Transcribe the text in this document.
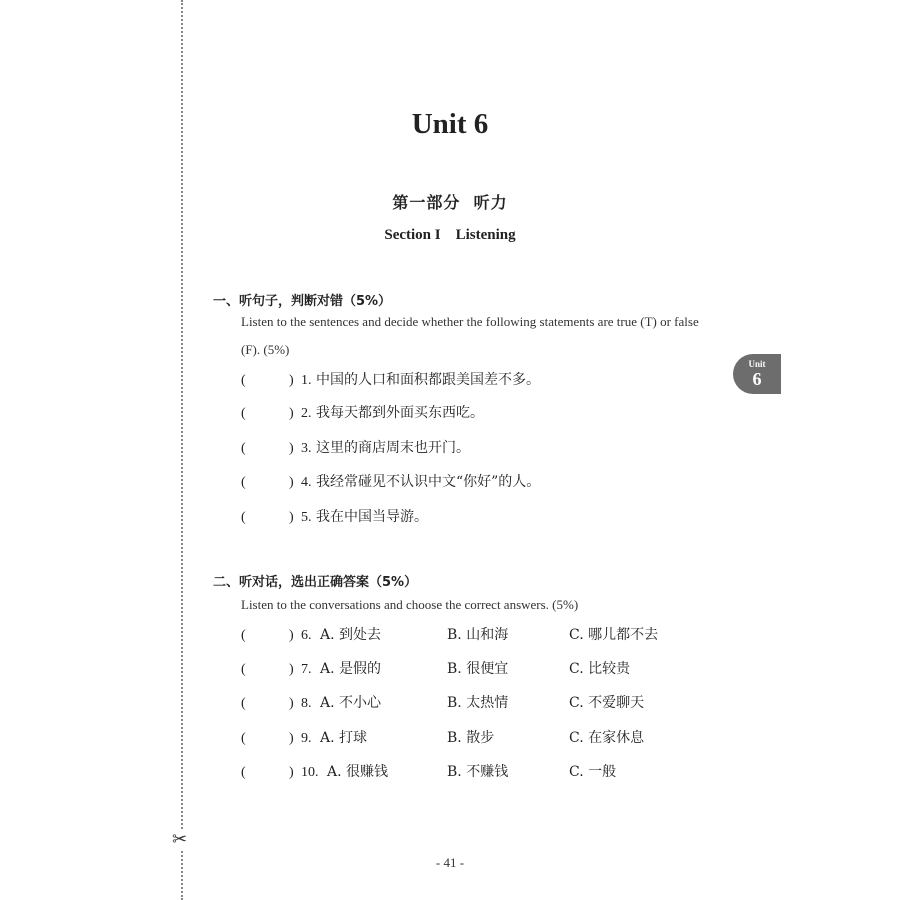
✂
Unit 6
第一部分  听力
Section I    Listening
Unit
6
一、听句子，判断对错（5%）
Listen to the sentences and decide whether the following statements are true (T) or false (F). (5%)
(	) 1. 中国的人口和面积都跟美国差不多。
(	) 2. 我每天都到外面买东西吃。
(	) 3. 这里的商店周末也开门。
(	) 4. 我经常碰见不认识中文“你好”的人。
(	) 5. 我在中国当导游。
二、听对话，选出正确答案（5%）
Listen to the conversations and choose the correct answers. (5%)
(	) 6. A. 到处去	B. 山和海	C. 哪儿都不去
(	) 7. A. 是假的	B. 很便宜	C. 比较贵
(	) 8. A. 不小心	B. 太热情	C. 不爱聊天
(	) 9. A. 打球	B. 散步	C. 在家休息
(	) 10. A. 很赚钱	B. 不赚钱	C. 一般
- 41 -
